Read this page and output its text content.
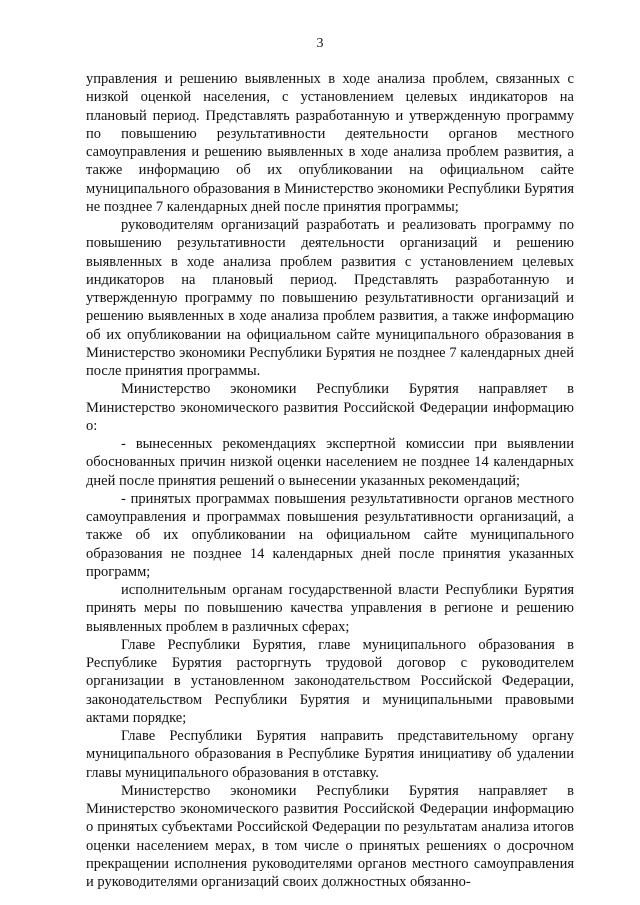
3

управления и решению выявленных в ходе анализа проблем, связанных с низкой оценкой населения, с установлением целевых индикаторов на плановый период. Представлять разработанную и утвержденную программу по повышению результативности деятельности органов местного самоуправления и решению выявленных в ходе анализа проблем развития, а также информацию об их опубликовании на официальном сайте муниципального образования в Министерство экономики Республики Бурятия не позднее 7 календарных дней после принятия программы;

руководителям организаций разработать и реализовать программу по повышению результативности деятельности организаций и решению выявленных в ходе анализа проблем развития с установлением целевых индикаторов на плановый период. Представлять разработанную и утвержденную программу по повышению результативности организаций и решению выявленных в ходе анализа проблем развития, а также информацию об их опубликовании на официальном сайте муниципального образования в Министерство экономики Республики Бурятия не позднее 7 календарных дней после принятия программы.

Министерство экономики Республики Бурятия направляет в Министерство экономического развития Российской Федерации информацию о:

- вынесенных рекомендациях экспертной комиссии при выявлении обоснованных причин низкой оценки населением не позднее 14 календарных дней после принятия решений о вынесении указанных рекомендаций;

- принятых программах повышения результативности органов местного самоуправления и программах повышения результативности организаций, а также об их опубликовании на официальном сайте муниципального образования не позднее 14 календарных дней после принятия указанных программ;

исполнительным органам государственной власти Республики Бурятия принять меры по повышению качества управления в регионе и решению выявленных проблем в различных сферах;

Главе Республики Бурятия, главе муниципального образования в Республике Бурятия расторгнуть трудовой договор с руководителем организации в установленном законодательством Российской Федерации, законодательством Республики Бурятия и муниципальными правовыми актами порядке;

Главе Республики Бурятия направить представительному органу муниципального образования в Республике Бурятия инициативу об удалении главы муниципального образования в отставку.

Министерство экономики Республики Бурятия направляет в Министерство экономического развития Российской Федерации информацию о принятых субъектами Российской Федерации по результатам анализа итогов оценки населением мерах, в том числе о принятых решениях о досрочном прекращении исполнения руководителями органов местного самоуправления и руководителями организаций своих должностных обязанно-
